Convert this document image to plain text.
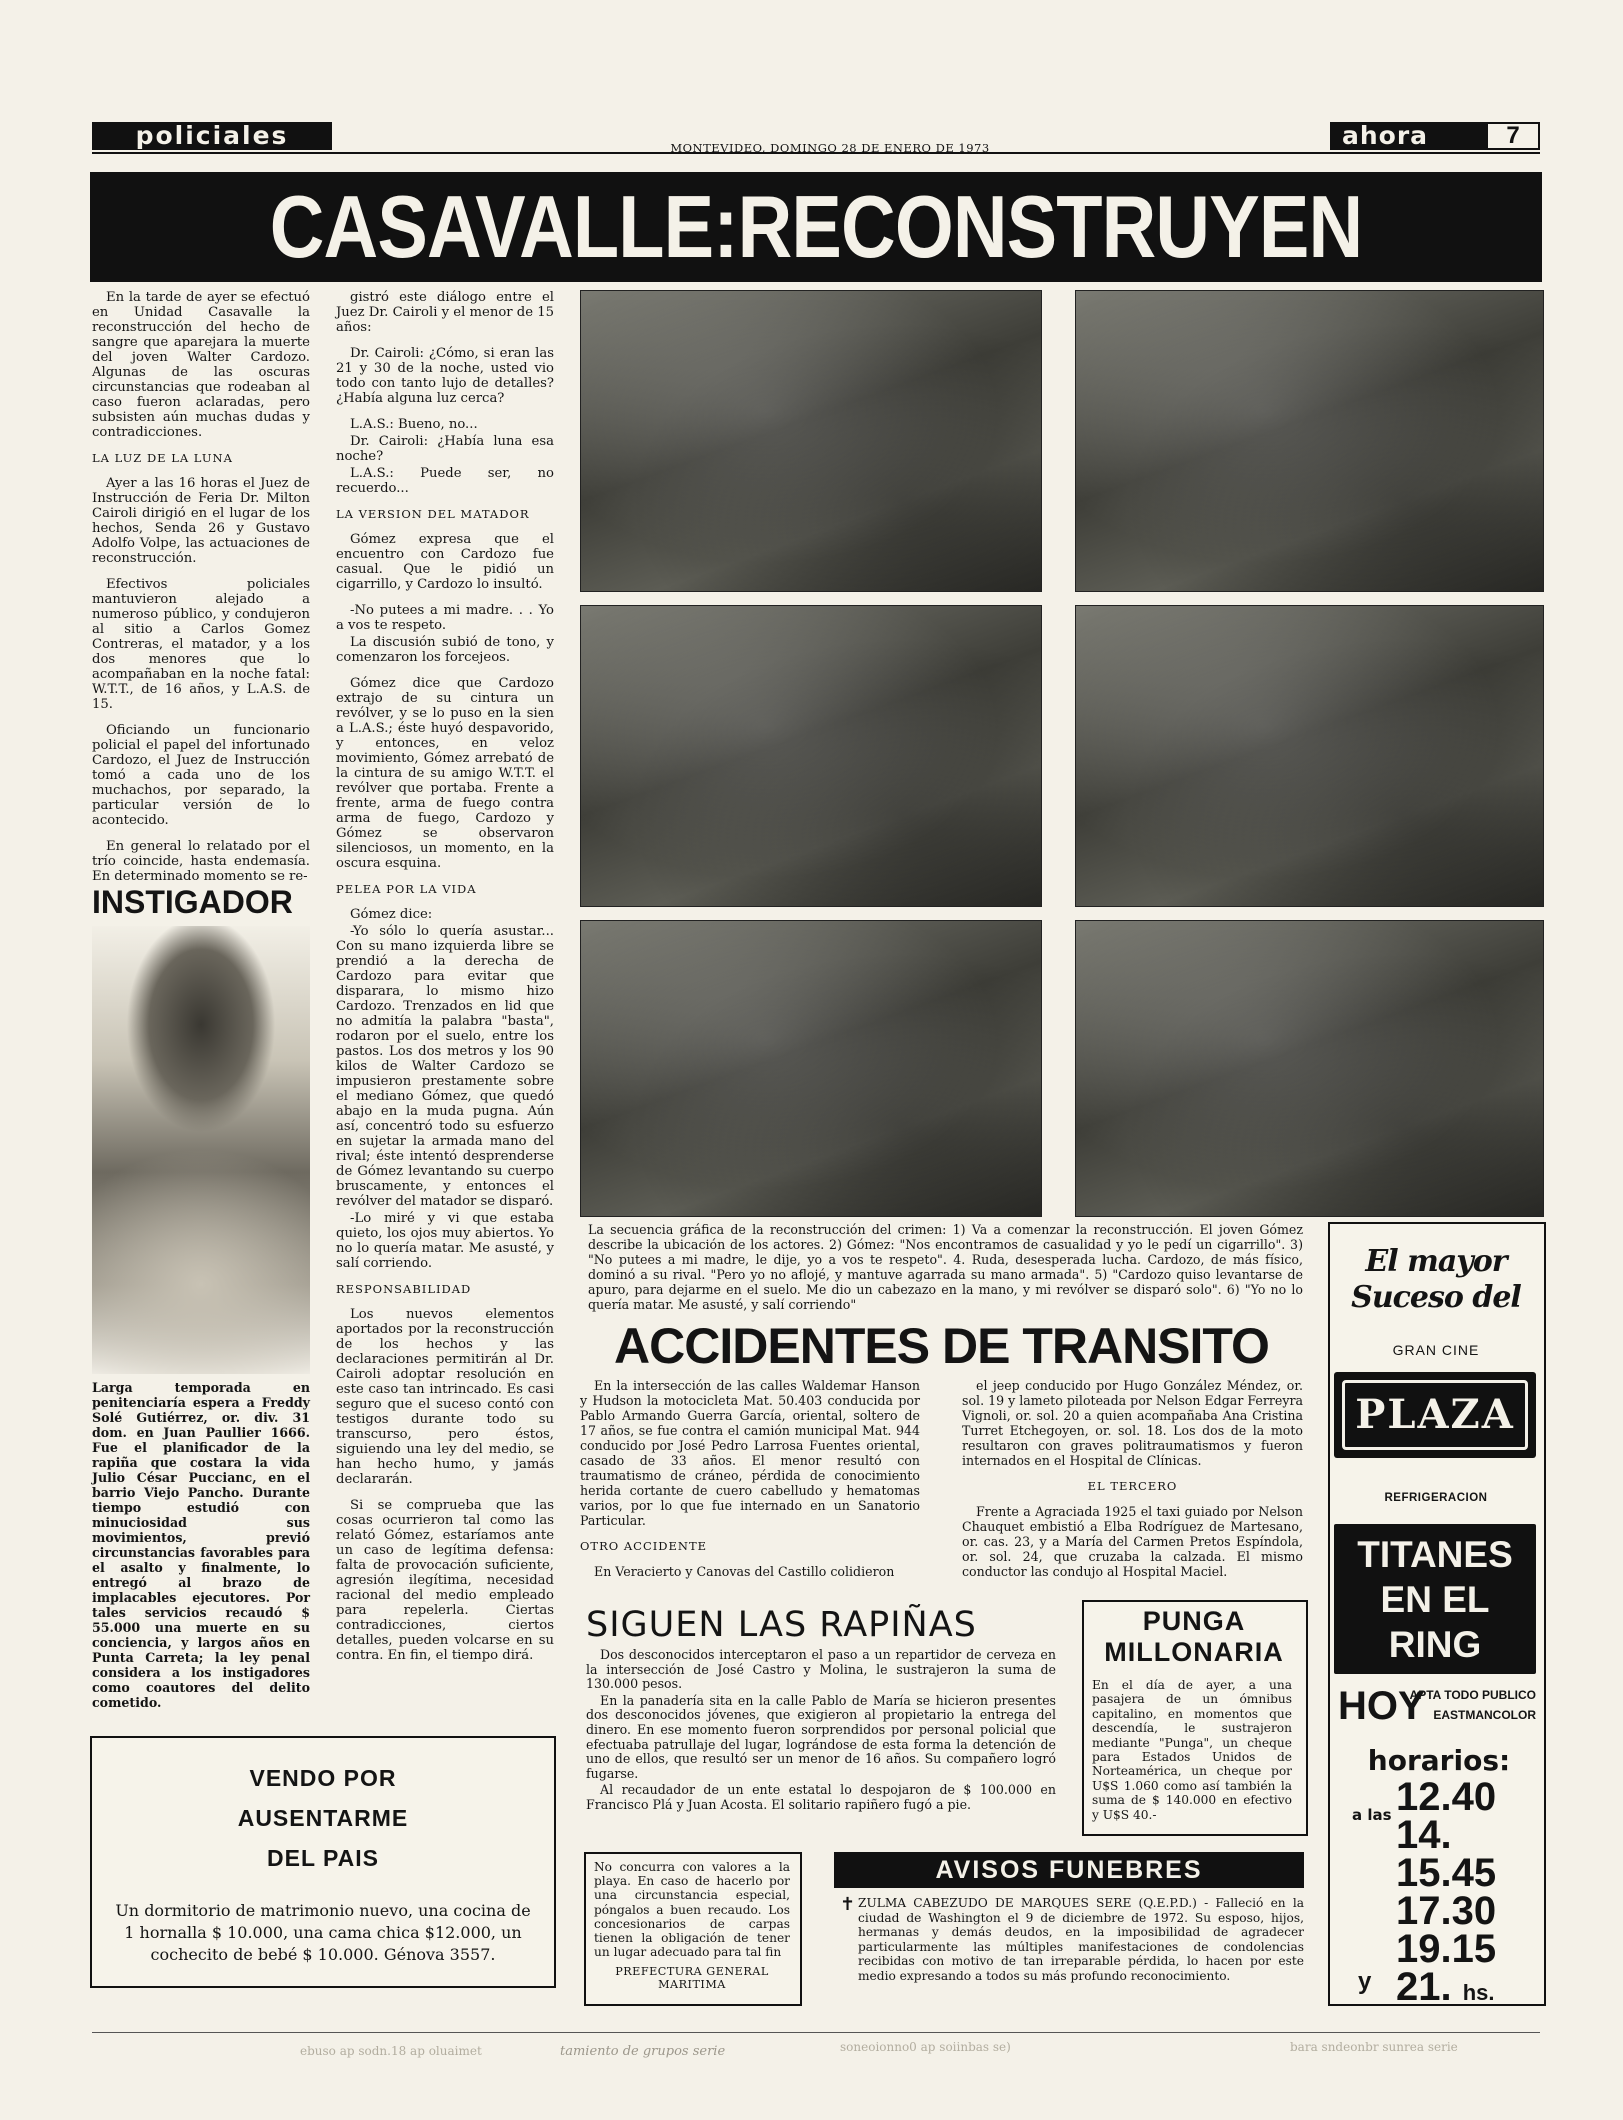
policiales	MONTEVIDEO, DOMINGO 28 DE ENERO DE 1973	ahora	7
CASAVALLE:RECONSTRUYEN

En la tarde de ayer se efectuó en Unidad Casavalle la reconstrucción del hecho de sangre que aparejara la muerte del joven Walter Cardozo. Algunas de las oscuras circunstancias que rodeaban al caso fueron aclaradas, pero subsisten aún muchas dudas y contradicciones.

LA LUZ DE LA LUNA

Ayer a las 16 horas el Juez de Instrucción de Feria Dr. Milton Cairoli dirigió en el lugar de los hechos, Senda 26 y Gustavo Adolfo Volpe, las actuaciones de reconstrucción.

Efectivos policiales mantuvieron alejado a numeroso público, y condujeron al sitio a Carlos Gomez Contreras, el matador, y a los dos menores que lo acompañaban en la noche fatal: W.T.T., de 16 años, y L.A.S. de 15.

Oficiando un funcionario policial el papel del infortunado Cardozo, el Juez de Instrucción tomó a cada uno de los muchachos, por separado, la particular versión de lo acontecido.

En general lo relatado por el trío coincide, hasta endemasía. En determinado momento se re-

INSTIGADOR
Larga temporada en penitenciaría espera a Freddy Solé Gutiérrez, or. div. 31 dom. en Juan Paullier 1666. Fue el planificador de la rapiña que costara la vida Julio César Puccianc, en el barrio Viejo Pancho. Durante tiempo estudió con minuciosidad sus movimientos, previó circunstancias favorables para el asalto y finalmente, lo entregó al brazo de implacables ejecutores. Por tales servicios recaudó $ 55.000 una muerte en su conciencia, y largos años en Punta Carreta; la ley penal considera a los instigadores como coautores del delito cometido.

gistró este diálogo entre el Juez Dr. Cairoli y el menor de 15 años:

Dr. Cairoli: ¿Cómo, si eran las 21 y 30 de la noche, usted vio todo con tanto lujo de detalles? ¿Había alguna luz cerca?

L.A.S.: Bueno, no...

Dr. Cairoli: ¿Había luna esa noche?

L.A.S.: Puede ser, no recuerdo...

LA VERSION DEL MATADOR

Gómez expresa que el encuentro con Cardozo fue casual. Que le pidió un cigarrillo, y Cardozo lo insultó.

-No putees a mi madre. . . Yo a vos te respeto.

La discusión subió de tono, y comenzaron los forcejeos.

Gómez dice que Cardozo extrajo de su cintura un revólver, y se lo puso en la sien a L.A.S.; éste huyó despavorido, y entonces, en veloz movimiento, Gómez arrebató de la cintura de su amigo W.T.T. el revólver que portaba. Frente a frente, arma de fuego contra arma de fuego, Cardozo y Gómez se observaron silenciosos, un momento, en la oscura esquina.

PELEA POR LA VIDA

Gómez dice:

-Yo sólo lo quería asustar... Con su mano izquierda libre se prendió a la derecha de Cardozo para evitar que disparara, lo mismo hizo Cardozo. Trenzados en lid que no admitía la palabra "basta", rodaron por el suelo, entre los pastos. Los dos metros y los 90 kilos de Walter Cardozo se impusieron prestamente sobre el mediano Gómez, que quedó abajo en la muda pugna. Aún así, concentró todo su esfuerzo en sujetar la armada mano del rival; éste intentó desprenderse de Gómez levantando su cuerpo bruscamente, y entonces el revólver del matador se disparó.

-Lo miré y vi que estaba quieto, los ojos muy abiertos. Yo no lo quería matar. Me asusté, y salí corriendo.

RESPONSABILIDAD

Los nuevos elementos aportados por la reconstrucción de los hechos y las declaraciones permitirán al Dr. Cairoli adoptar resolución en este caso tan intrincado. Es casi seguro que el suceso contó con testigos durante todo su transcurso, pero éstos, siguiendo una ley del medio, se han hecho humo, y jamás declararán.

Si se comprueba que las cosas ocurrieron tal como las relató Gómez, estaríamos ante un caso de legítima defensa: falta de provocación suficiente, agresión ilegítima, necesidad racional del medio empleado para repelerla. Ciertas contradicciones, ciertos detalles, pueden volcarse en su contra. En fin, el tiempo dirá.

La secuencia gráfica de la reconstrucción del crimen: 1) Va a comenzar la reconstrucción. El joven Gómez describe la ubicación de los actores. 2) Gómez: "Nos encontramos de casualidad y yo le pedí un cigarrillo". 3) "No putees a mi madre, le dije, yo a vos te respeto". 4. Ruda, desesperada lucha. Cardozo, de más físico, dominó a su rival. "Pero yo no aflojé, y mantuve agarrada su mano armada". 5) "Cardozo quiso levantarse de apuro, para dejarme en el suelo. Me dio un cabezazo en la mano, y mi revólver se disparó solo". 6) "Yo no lo quería matar. Me asusté, y salí corriendo"
ACCIDENTES DE TRANSITO

En la intersección de las calles Waldemar Hanson y Hudson la motocicleta Mat. 50.403 conducida por Pablo Armando Guerra García, oriental, soltero de 17 años, se fue contra el camión municipal Mat. 944 conducido por José Pedro Larrosa Fuentes oriental, casado de 33 años. El menor resultó con traumatismo de cráneo, pérdida de conocimiento herida cortante de cuero cabelludo y hematomas varios, por lo que fue internado en un Sanatorio Particular.

OTRO ACCIDENTE

En Veracierto y Canovas del Castillo colidieron

el jeep conducido por Hugo González Méndez, or. sol. 19 y lameto piloteada por Nelson Edgar Ferreyra Vignoli, or. sol. 20 a quien acompañaba Ana Cristina Turret Etchegoyen, or. sol. 18. Los dos de la moto resultaron con graves politraumatismos y fueron internados en el Hospital de Clínicas.

EL TERCERO

Frente a Agraciada 1925 el taxi guiado por Nelson Chauquet embistió a Elba Rodríguez de Martesano, or. cas. 23, y a María del Carmen Pretos Espíndola, or. sol. 24, que cruzaba la calzada. El mismo conductor las condujo al Hospital Maciel.

SIGUEN LAS RAPIÑAS

Dos desconocidos interceptaron el paso a un repartidor de cerveza en la intersección de José Castro y Molina, le sustrajeron la suma de 130.000 pesos.

En la panadería sita en la calle Pablo de María se hicieron presentes dos desconocidos jóvenes, que exigieron al propietario la entrega del dinero. En ese momento fueron sorprendidos por personal policial que efectuaba patrullaje del lugar, lográndose de esta forma la detención de uno de ellos, que resultó ser un menor de 16 años. Su compañero logró fugarse.

Al recaudador de un ente estatal lo despojaron de $ 100.000 en Francisco Plá y Juan Acosta. El solitario rapiñero fugó a pie.

PUNGA
MILLONARIA
En el día de ayer, a una pasajera de un ómnibus capitalino, en momentos que descendía, le sustrajeron mediante "Punga", un cheque para Estados Unidos de Norteamérica, un cheque por U$S 1.060 como así también la suma de $ 140.000 en efectivo y U$S 40.-
VENDO POR
AUSENTARME
DEL PAIS
Un dormitorio de matrimonio nuevo, una cocina de 1 hornalla $ 10.000, una cama chica $12.000, un cochecito de bebé $ 10.000. Génova 3557.
No concurra con valores a la playa. En caso de hacerlo por una circunstancia especial, póngalos a buen recaudo. Los concesionarios de carpas tienen la obligación de tener un lugar adecuado para tal fin
PREFECTURA GENERAL MARITIMA
AVISOS FUNEBRES
✝ ZULMA CABEZUDO DE MARQUES SERE (Q.E.P.D.) - Falleció en la ciudad de Washington el 9 de diciembre de 1972. Su esposo, hijos, hermanas y demás deudos, en la imposibilidad de agradecer particularmente las múltiples manifestaciones de condolencias recibidas con motivo de tan irreparable pérdida, lo hacen por este medio expresando a todos su más profundo reconocimiento.
El mayor
Suceso del
GRAN CINE
PLAZA
REFRIGERACION
TITANES
EN EL
RING
HOY
APTA TODO PUBLICO
EASTMANCOLOR
horarios:
a las 12.40
14.
15.45
17.30
19.15
21. hs.
y
tamiento de grupos serie	soneoionno0 ap soiinbas se)	bara sndeonbr sunrea serie
ebuso ap sodn.18 ap oluaimet
